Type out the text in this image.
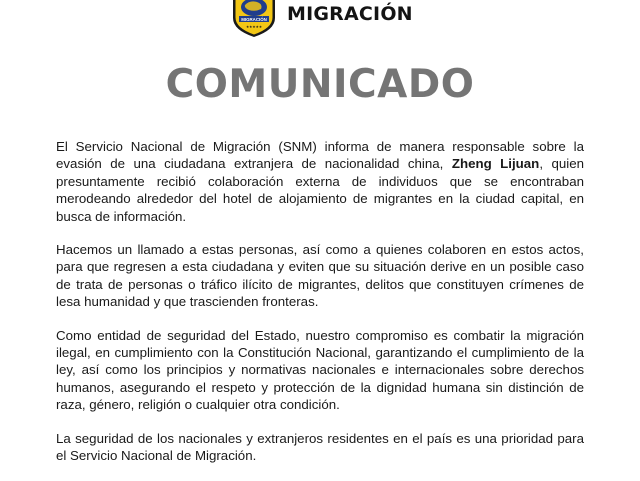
MIGRACIÓN
★★★★★
MIGRACIÓN
COMUNICADO

El Servicio Nacional de Migración (SNM) informa de manera responsable sobre la evasión de una ciudadana extranjera de nacionalidad china, Zheng Lijuan, quien presuntamente recibió colaboración externa de individuos que se encontraban merodeando alrededor del hotel de alojamiento de migrantes en la ciudad capital, en busca de información.

Hacemos un llamado a estas personas, así como a quienes colaboren en estos actos, para que regresen a esta ciudadana y eviten que su situación derive en un posible caso de trata de personas o tráfico ilícito de migrantes, delitos que constituyen crímenes de lesa humanidad y que trascienden fronteras.

Como entidad de seguridad del Estado, nuestro compromiso es combatir la migración ilegal, en cumplimiento con la Constitución Nacional, garantizando el cumplimiento de la ley, así como los principios y normativas nacionales e internacionales sobre derechos humanos, asegurando el respeto y protección de la dignidad humana sin distinción de raza, género, religión o cualquier otra condición.

La seguridad de los nacionales y extranjeros residentes en el país es una prioridad para el Servicio Nacional de Migración.
